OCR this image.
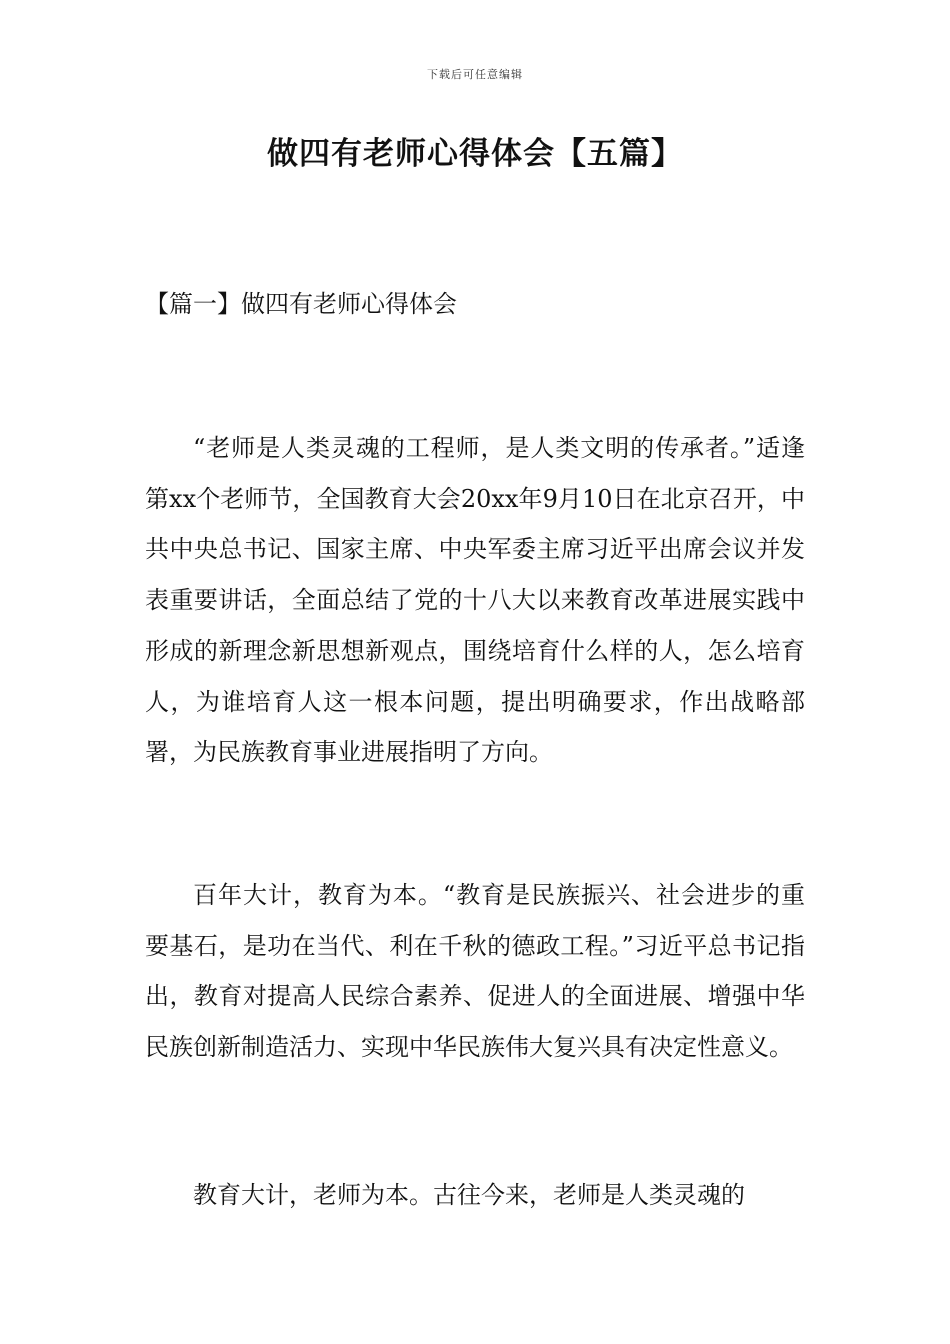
下载后可任意编辑
做四有老师心得体会【五篇】
【篇一】做四有老师心得体会

“老师是人类灵魂的工程师，是人类文明的传承者。”适逢第xx个老师节，全国教育大会20xx年9月10日在北京召开，中共中央总书记、国家主席、中央军委主席习近平出席会议并发表重要讲话，全面总结了党的十八大以来教育改革进展实践中形成的新理念新思想新观点，围绕培育什么样的人，怎么培育人，为谁培育人这一根本问题，提出明确要求，作出战略部署，为民族教育事业进展指明了方向。

百年大计，教育为本。“教育是民族振兴、社会进步的重要基石，是功在当代、利在千秋的德政工程。”习近平总书记指出，教育对提高人民综合素养、促进人的全面进展、增强中华民族创新制造活力、实现中华民族伟大复兴具有决定性意义。

教育大计，老师为本。古往今来，老师是人类灵魂的
